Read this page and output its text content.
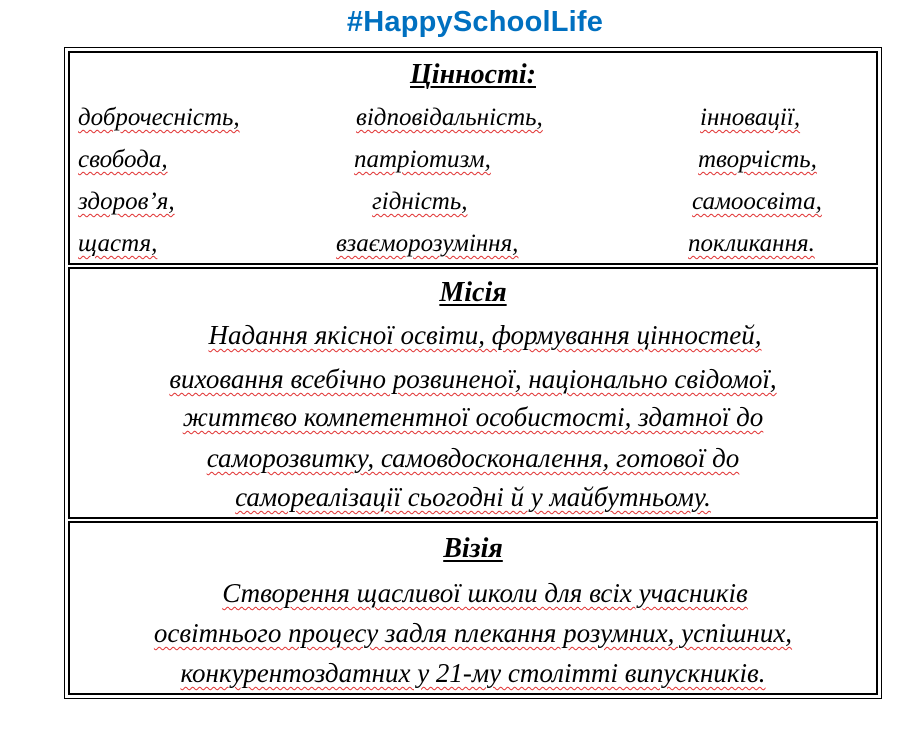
#HappySchoolLife
Цінності:
доброчесність,	відповідальність,	інновації,
свобода,	патріотизм,	творчість,
здоров’я,	гідність,	самоосвіта,
щастя,	взаєморозуміння,	покликання.
Місія
Надання якісної освіти, формування цінностей,
виховання всебічно розвиненої, національно свідомої,
життєво компетентної особистості, здатної до
саморозвитку, самовдосконалення, готової до
самореалізації сьогодні й у майбутньому.
Візія
Створення щасливої школи для всіх учасників
освітнього процесу задля плекання розумних, успішних,
конкурентоздатних у 21-му столітті випускників.
